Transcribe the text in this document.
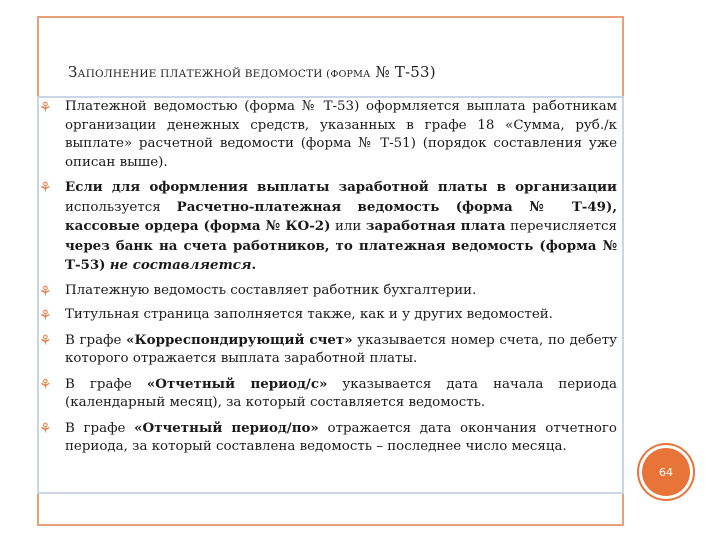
ЗАПОЛНЕНИЕ ПЛАТЕЖНОЙ ВЕДОМОСТИ (ФОРМА № Т-53)
⚘ Платежной ведомостью (форма № Т-53) оформляется выплата работникам организации денежных средств, указанных в графе 18 «Сумма, руб./к выплате» расчетной ведомости (форма № Т-51) (порядок составления уже описан выше).
⚘ Если для оформления выплаты заработной платы в организации используется Расчетно-платежная ведомость (форма № Т-49), кассовые ордера (форма № КО-2) или заработная плата перечисляется через банк на счета работников, то платежная ведомость (форма № Т-53) не составляется.
⚘ Платежную ведомость составляет работник бухгалтерии.
⚘ Титульная страница заполняется также, как и у других ведомостей.
⚘ В графе «Корреспондирующий счет» указывается номер счета, по дебету которого отражается выплата заработной платы.
⚘ В графе «Отчетный период/с» указывается дата начала периода (календарный месяц), за который составляется ведомость.
⚘ В графе «Отчетный период/по» отражается дата окончания отчетного периода, за который составлена ведомость – последнее число месяца.
64
